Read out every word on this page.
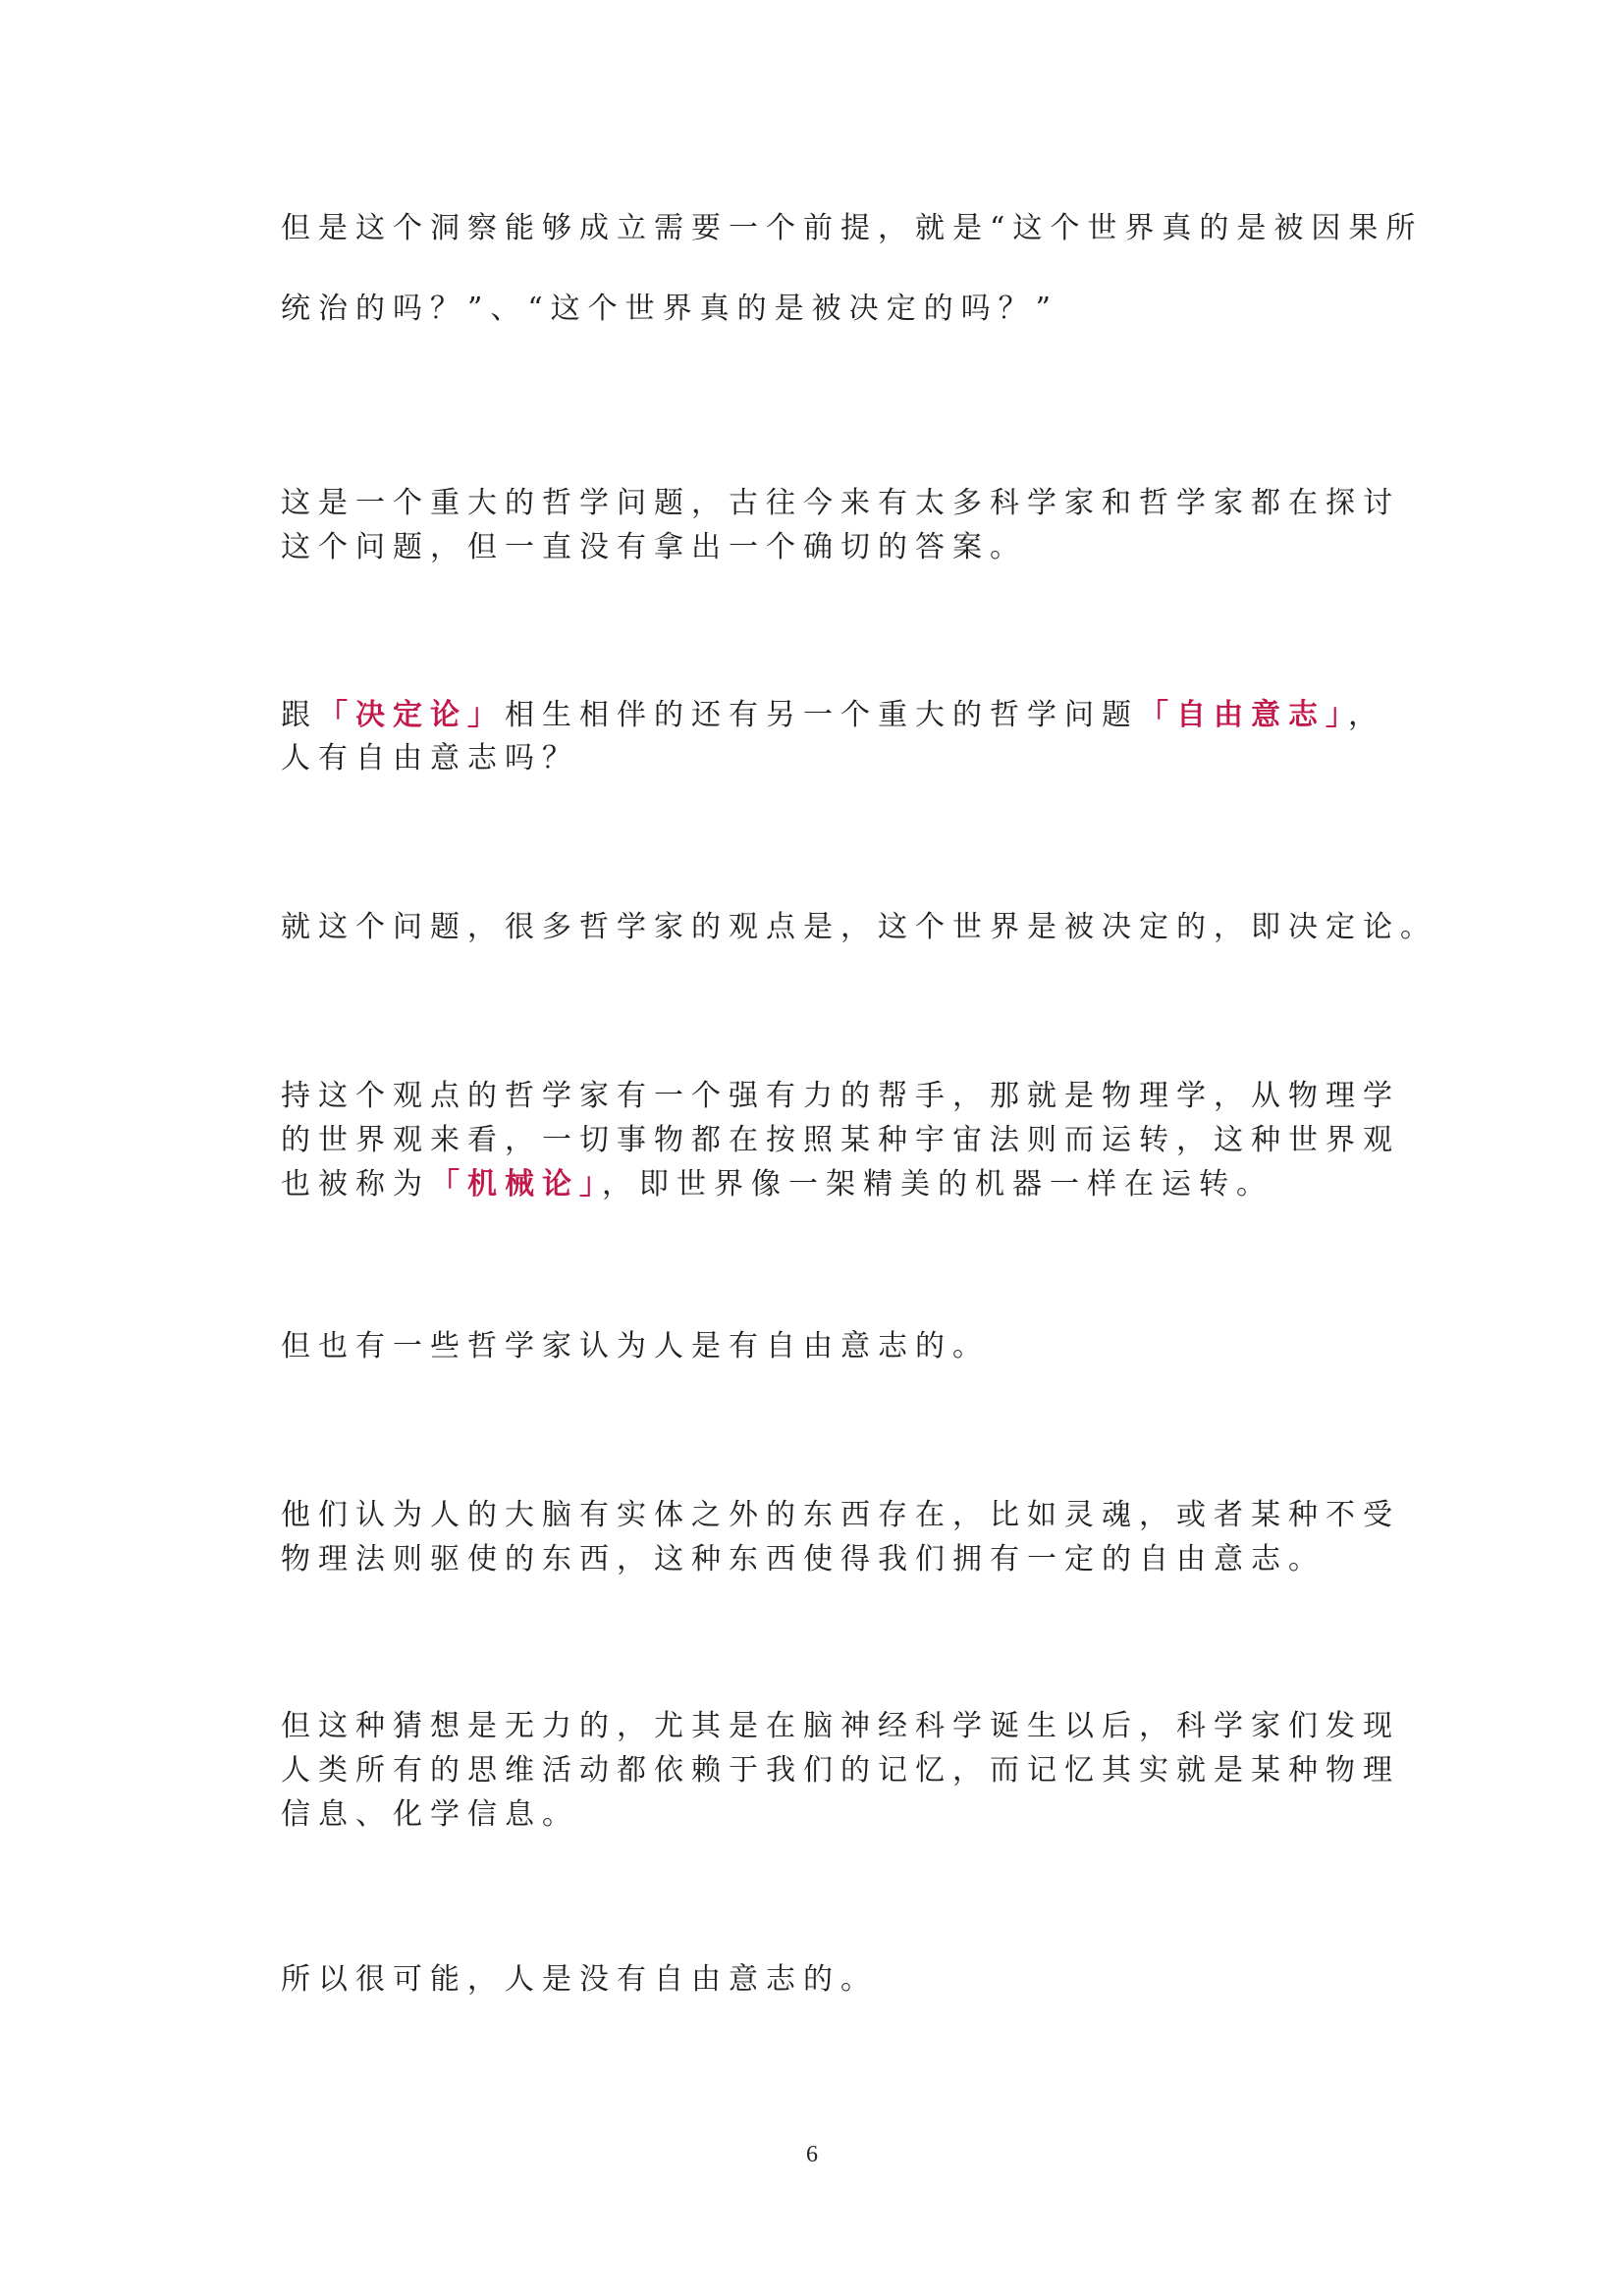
但是这个洞察能够成立需要一个前提，就是“这个世界真的是被因果所
统治的吗？”、“这个世界真的是被决定的吗？”
这是一个重大的哲学问题，古往今来有太多科学家和哲学家都在探讨
这个问题，但一直没有拿出一个确切的答案。
跟「决定论」相生相伴的还有另一个重大的哲学问题「自由意志」，
人有自由意志吗？
就这个问题，很多哲学家的观点是，这个世界是被决定的，即决定论。
持这个观点的哲学家有一个强有力的帮手，那就是物理学，从物理学
的世界观来看，一切事物都在按照某种宇宙法则而运转，这种世界观
也被称为「机械论」，即世界像一架精美的机器一样在运转。
但也有一些哲学家认为人是有自由意志的。
他们认为人的大脑有实体之外的东西存在，比如灵魂，或者某种不受
物理法则驱使的东西，这种东西使得我们拥有一定的自由意志。
但这种猜想是无力的，尤其是在脑神经科学诞生以后，科学家们发现
人类所有的思维活动都依赖于我们的记忆，而记忆其实就是某种物理
信息、化学信息。
所以很可能，人是没有自由意志的。
6
